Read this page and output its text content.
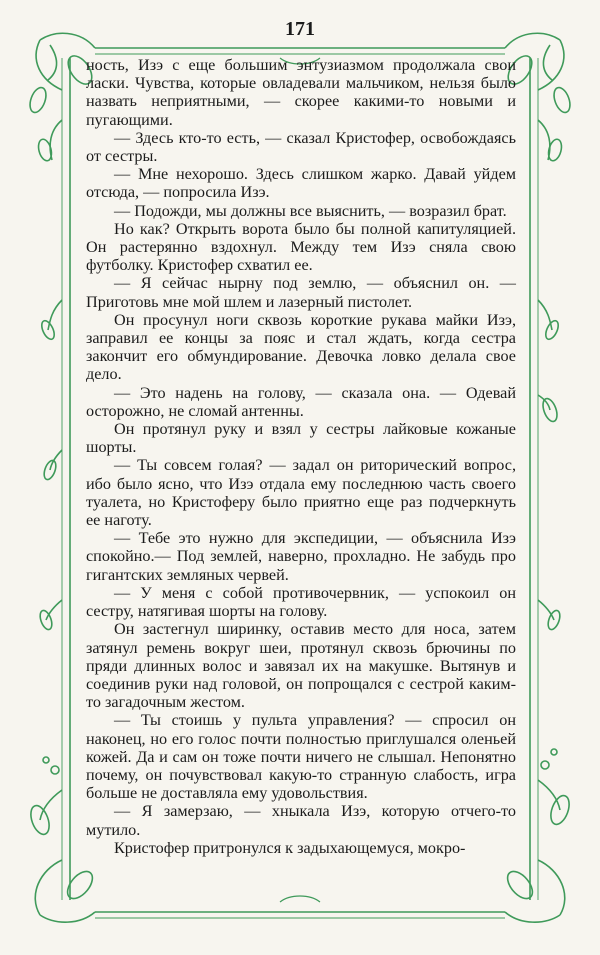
171

ность, Изэ с еще большим энтузиазмом продолжала свои ласки. Чувства, которые овладевали мальчиком, нельзя было назвать неприятными, — скорее какими-то новыми и пугающими.

— Здесь кто-то есть, — сказал Кристофер, освобождаясь от сестры.

— Мне нехорошо. Здесь слишком жарко. Давай уйдем отсюда, — попросила Изэ.

— Подожди, мы должны все выяснить, — возразил брат.

Но как? Открыть ворота было бы полной капитуляцией. Он растерянно вздохнул. Между тем Изэ сняла свою футболку. Кристофер схватил ее.

— Я сейчас нырну под землю, — объяснил он. — Приготовь мне мой шлем и лазерный пистолет.

Он просунул ноги сквозь короткие рукава майки Изэ, заправил ее концы за пояс и стал ждать, когда сестра закончит его обмундирование. Девочка ловко делала свое дело.

— Это надень на голову, — сказала она. — Одевай осторожно, не сломай антенны.

Он протянул руку и взял у сестры лайковые кожаные шорты.

— Ты совсем голая? — задал он риторический вопрос, ибо было ясно, что Изэ отдала ему последнюю часть своего туалета, но Кристоферу было приятно еще раз подчеркнуть ее наготу.

— Тебе это нужно для экспедиции, — объяснила Изэ спокойно.— Под землей, наверно, прохладно. Не забудь про гигантских земляных червей.

— У меня с собой противочервник, — успокоил он сестру, натягивая шорты на голову.

Он застегнул ширинку, оставив место для носа, затем затянул ремень вокруг шеи, протянул сквозь брючины по пряди длинных волос и завязал их на макушке. Вытянув и соединив руки над головой, он попрощался с сестрой каким-то загадочным жестом.

— Ты стоишь у пульта управления? — спросил он наконец, но его голос почти полностью приглушался оленьей кожей. Да и сам он тоже почти ничего не слышал. Непонятно почему, он почувствовал какую-то странную слабость, игра больше не доставляла ему удовольствия.

— Я замерзаю, — хныкала Изэ, которую отчего-то мутило.

Кристофер притронулся к задыхающемуся, мокро-
